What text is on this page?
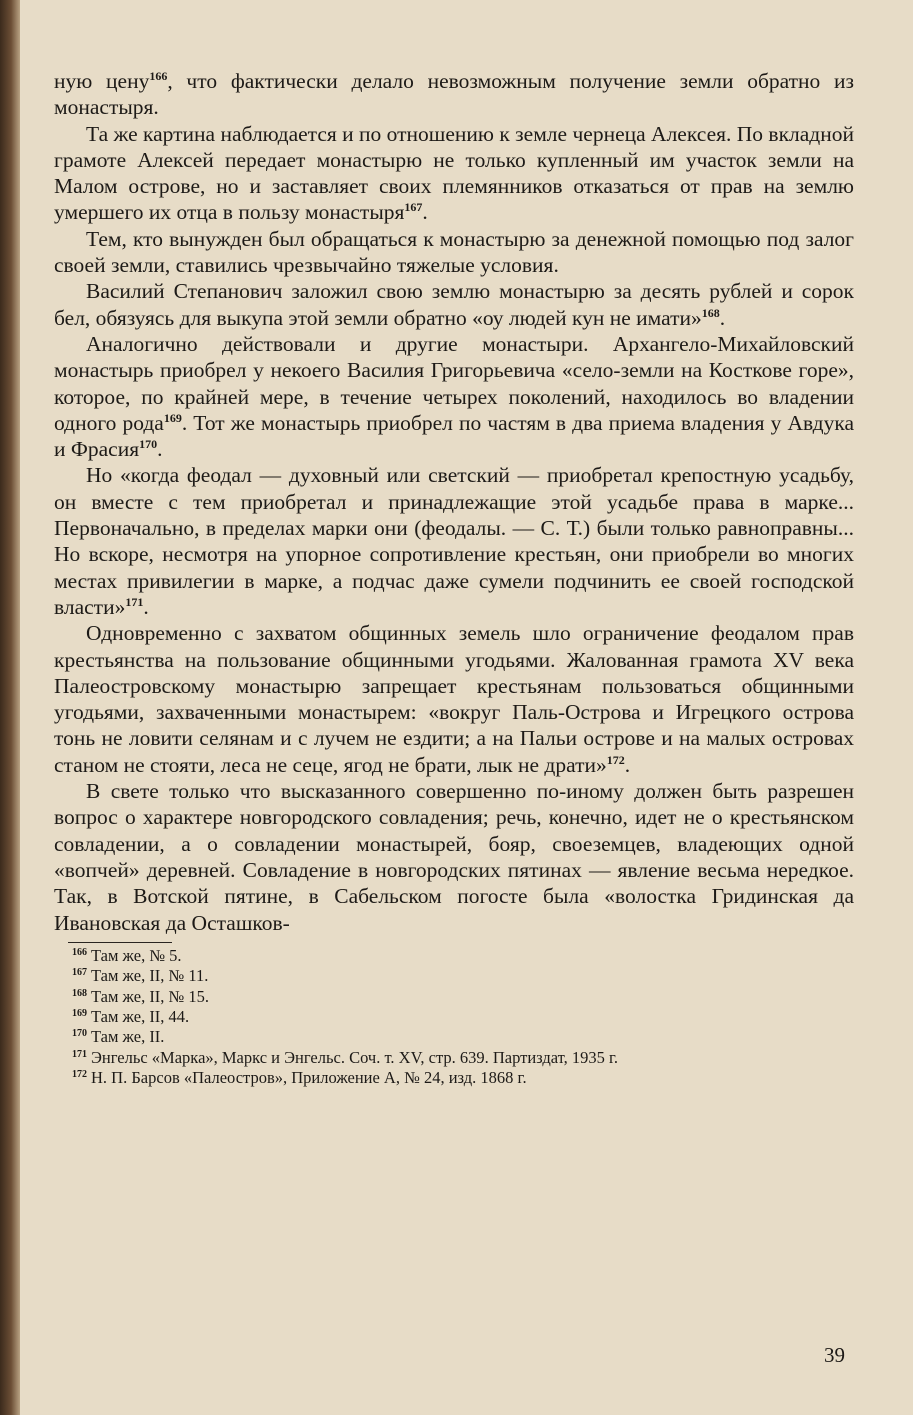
ную цену$^{166}$, что фактически делало невозможным получение земли обратно из монастыря.

Та же картина наблюдается и по отношению к земле чернеца Алексея. По вкладной грамоте Алексей передает монастырю не только купленный им участок земли на Малом острове, но и заставляет своих племянников отказаться от прав на землю умершего их отца в пользу монастыря$^{167}$.

Тем, кто вынужден был обращаться к монастырю за денежной помощью под залог своей земли, ставились чрезвычайно тяжелые условия.

Василий Степанович заложил свою землю монастырю за десять рублей и сорок бел, обязуясь для выкупа этой земли обратно «оу людей кун не имати»$^{168}$.

Аналогично действовали и другие монастыри. Архангело-Михайловский монастырь приобрел у некоего Василия Григорьевича «село-земли на Косткове горе», которое, по крайней мере, в течение четырех поколений, находилось во владении одного рода$^{169}$. Тот же монастырь приобрел по частям в два приема владения у Авдука и Фрасия$^{170}$.

Но «когда феодал — духовный или светский — приобретал крепостную усадьбу, он вместе с тем приобретал и принадлежащие этой усадьбе права в марке... Первоначально, в пределах марки они (феодалы. — С. Т.) были только равноправны... Но вскоре, несмотря на упорное сопротивление крестьян, они приобрели во многих местах привилегии в марке, а подчас даже сумели подчинить ее своей господской власти»$^{171}$.

Одновременно с захватом общинных земель шло ограничение феодалом прав крестьянства на пользование общинными угодьями. Жалованная грамота XV века Палеостровскому монастырю запрещает крестьянам пользоваться общинными угодьями, захваченными монастырем: «вокруг Паль-Острова и Игрецкого острова тонь не ловити селянам и с лучем не ездити; а на Пальи острове и на малых островах станом не стояти, леса не сеце, ягод не брати, лык не драти»$^{172}$.

В свете только что высказанного совершенно по-иному должен быть разрешен вопрос о характере новгородского совладения; речь, конечно, идет не о крестьянском совладении, а о совладении монастырей, бояр, своеземцев, владеющих одной «вопчей» деревней. Совладение в новгородских пятинах — явление весьма нередкое. Так, в Вотской пятине, в Сабельском погосте была «волостка Гридинская да Ивановская да Осташков-

$^{166}$ Там же, № 5.

$^{167}$ Там же, II, № 11.

$^{168}$ Там же, II, № 15.

$^{169}$ Там же, II, 44.

$^{170}$ Там же, II.

$^{171}$ Энгельс «Марка», Маркс и Энгельс. Соч. т. XV, стр. 639. Партиздат, 1935 г.

$^{172}$ Н. П. Барсов «Палеостров», Приложение А, № 24, изд. 1868 г.

39
